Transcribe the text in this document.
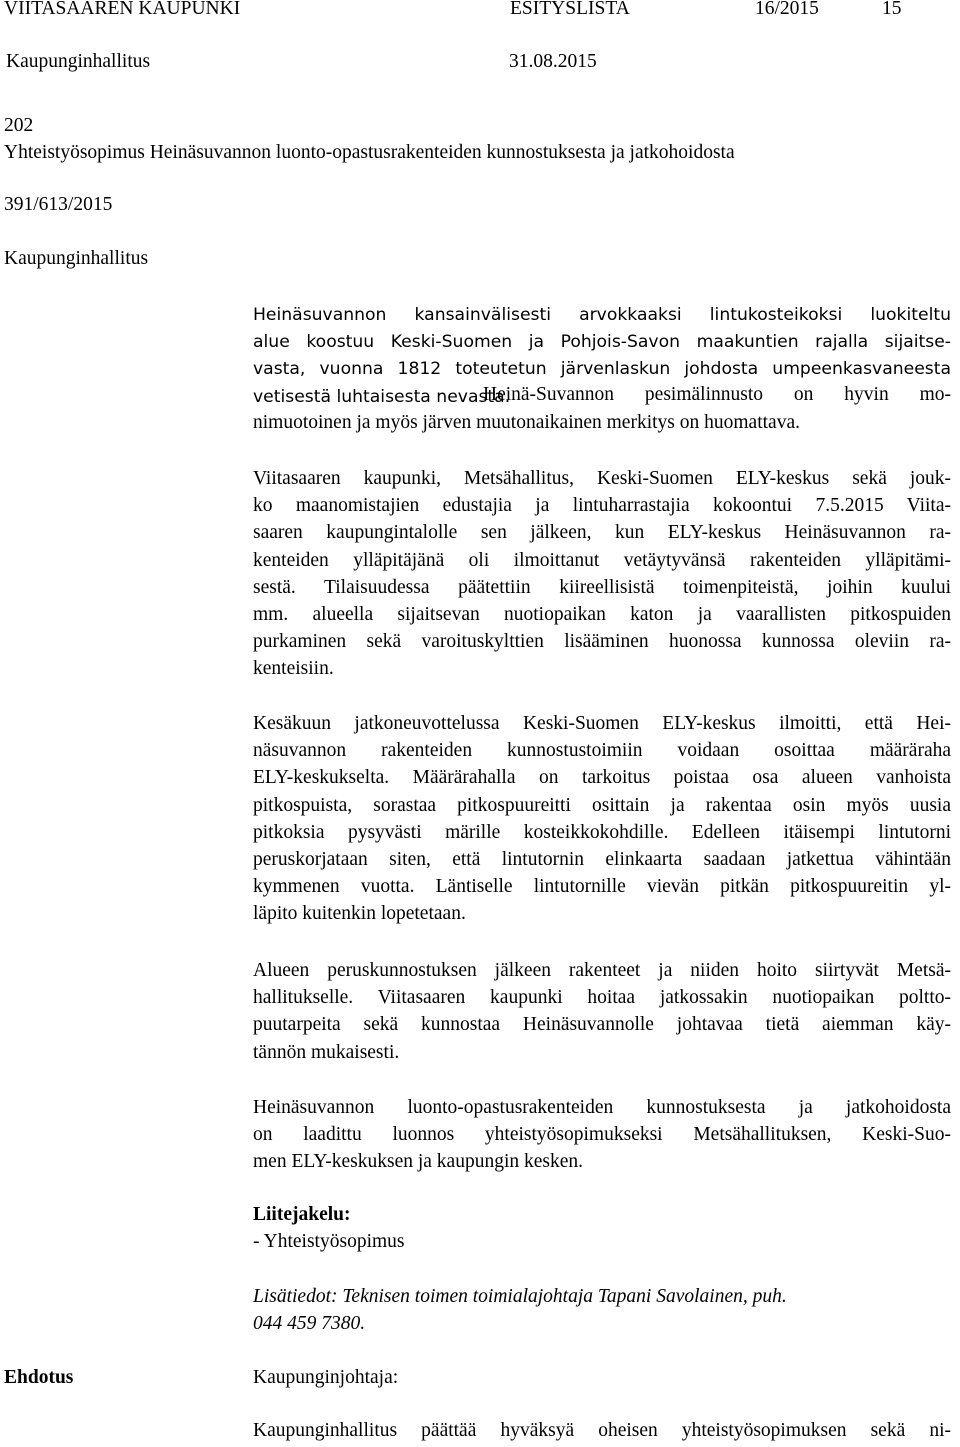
VIITASAAREN KAUPUNKI	ESITYSLISTA	16/2015	15
Kaupunginhallitus	31.08.2015
202
Yhteistyösopimus Heinäsuvannon luonto-opastusrakenteiden kunnostuksesta ja jatkohoidosta
391/613/2015
Kaupunginhallitus
Heinäsuvannon kansainvälisesti arvokkaaksi lintukosteikoksi luokiteltu
alue koostuu Keski-Suomen ja Pohjois-Savon maakuntien rajalla sijaitse-
vasta, vuonna 1812 toteutetun järvenlaskun johdosta umpeenkasvaneesta
vetisestä luhtaisesta nevasta.
Heinä-Suvannon pesimälinnusto on hyvin mo-
nimuotoinen ja myös järven muutonaikainen merkitys on huomattava.
Viitasaaren kaupunki, Metsähallitus, Keski-Suomen ELY-keskus sekä jouk-
ko maanomistajien edustajia ja lintuharrastajia kokoontui 7.5.2015 Viita-
saaren kaupungintalolle sen jälkeen, kun ELY-keskus Heinäsuvannon ra-
kenteiden ylläpitäjänä oli ilmoittanut vetäytyvänsä rakenteiden ylläpitämi-
sestä. Tilaisuudessa päätettiin kiireellisistä toimenpiteistä, joihin kuului
mm. alueella sijaitsevan nuotiopaikan katon ja vaarallisten pitkospuiden
purkaminen sekä varoituskylttien lisääminen huonossa kunnossa oleviin ra-
kenteisiin.
Kesäkuun jatkoneuvottelussa Keski-Suomen ELY-keskus ilmoitti, että Hei-
näsuvannon rakenteiden kunnostustoimiin voidaan osoittaa määräraha
ELY-keskukselta. Määrärahalla on tarkoitus poistaa osa alueen vanhoista
pitkospuista, sorastaa pitkospuureitti osittain ja rakentaa osin myös uusia
pitkoksia pysyvästi märille kosteikkokohdille. Edelleen itäisempi lintutorni
peruskorjataan siten, että lintutornin elinkaarta saadaan jatkettua vähintään
kymmenen vuotta. Läntiselle lintutornille vievän pitkän pitkospuureitin yl-
läpito kuitenkin lopetetaan.
Alueen peruskunnostuksen jälkeen rakenteet ja niiden hoito siirtyvät Metsä-
hallitukselle. Viitasaaren kaupunki hoitaa jatkossakin nuotiopaikan poltto-
puutarpeita sekä kunnostaa Heinäsuvannolle johtavaa tietä aiemman käy-
tännön mukaisesti.
Heinäsuvannon luonto-opastusrakenteiden kunnostuksesta ja jatkohoidosta
on laadittu luonnos yhteistyösopimukseksi Metsähallituksen, Keski-Suo-
men ELY-keskuksen ja kaupungin kesken.
Liitejakelu:
- Yhteistyösopimus
Lisätiedot: Teknisen toimen toimialajohtaja Tapani Savolainen, puh.
044 459 7380.
Ehdotus	Kaupunginjohtaja:
Kaupunginhallitus päättää hyväksyä oheisen yhteistyösopimuksen sekä ni-
